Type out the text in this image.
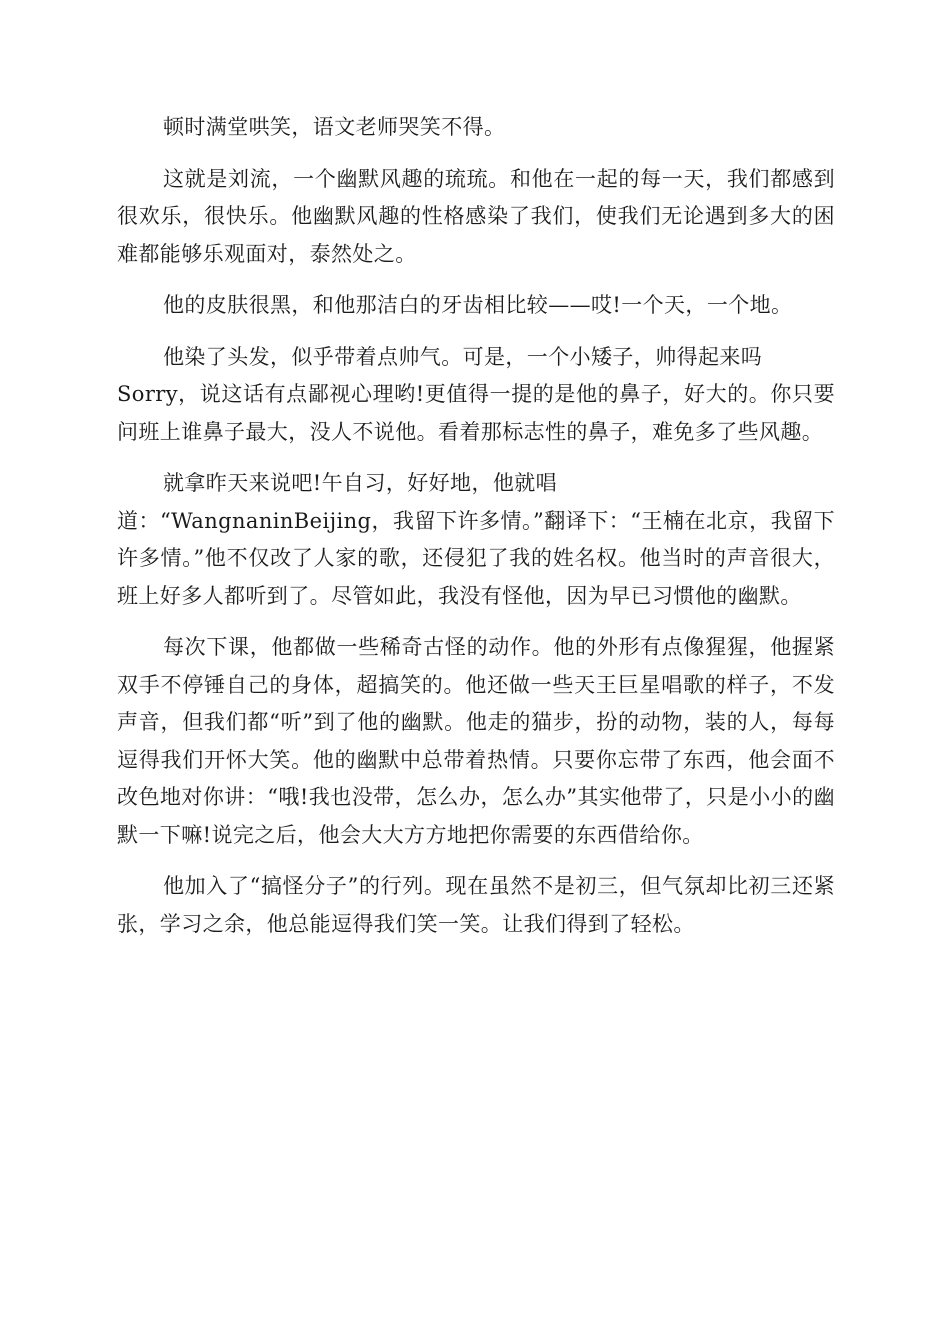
顿时满堂哄笑，语文老师哭笑不得。

这就是刘流，一个幽默风趣的琉琉。和他在一起的每一天，我们都感到很欢乐，很快乐。他幽默风趣的性格感染了我们，使我们无论遇到多大的困难都能够乐观面对，泰然处之。

他的皮肤很黑，和他那洁白的牙齿相比较——哎!一个天，一个地。

他染了头发，似乎带着点帅气。可是，一个小矮子，帅得起来吗
Sorry，说这话有点鄙视心理哟!更值得一提的是他的鼻子，好大的。你只要问班上谁鼻子最大，没人不说他。看着那标志性的鼻子，难免多了些风趣。

就拿昨天来说吧!午自习，好好地，他就唱
道：“WangnaninBeijing，我留下许多情。”翻译下：“王楠在北京，我留下许多情。”他不仅改了人家的歌，还侵犯了我的姓名权。他当时的声音很大，班上好多人都听到了。尽管如此，我没有怪他，因为早已习惯他的幽默。

每次下课，他都做一些稀奇古怪的动作。他的外形有点像猩猩，他握紧双手不停锤自己的身体，超搞笑的。他还做一些天王巨星唱歌的样子，不发声音，但我们都“听”到了他的幽默。他走的猫步，扮的动物，装的人，每每逗得我们开怀大笑。他的幽默中总带着热情。只要你忘带了东西，他会面不改色地对你讲：“哦!我也没带，怎么办，怎么办”其实他带了，只是小小的幽默一下嘛!说完之后，他会大大方方地把你需要的东西借给你。

他加入了“搞怪分子”的行列。现在虽然不是初三，但气氛却比初三还紧张，学习之余，他总能逗得我们笑一笑。让我们得到了轻松。
